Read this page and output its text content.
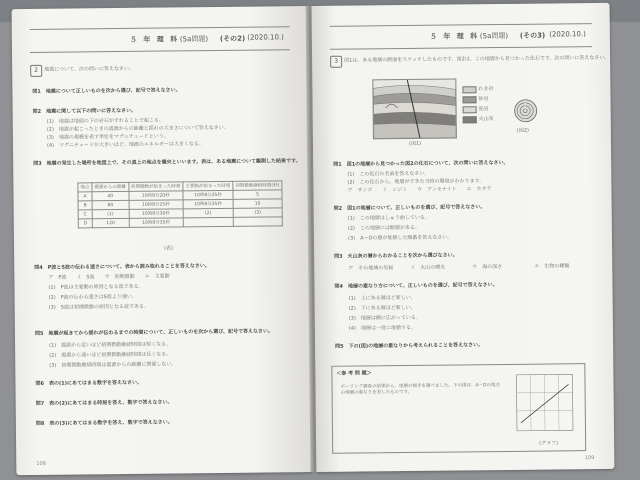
５ 年 理 科 (5a問題) (その2) (2020.10.)
2	地震について、次の問いに答えなさい。
問1　地震について正しいものを次から選び、記号で答えなさい。
問2　地震に関して以下の問いに答えなさい。
(1)　地震は地面の下の岩石がずれることで起こる。
(2)　地震が起こったときの震源からの距離と揺れの大きさについて答えなさい。
(3)　地震の規模を表す単位をマグニチュードという。
(4)　マグニチュードが大きいほど、地震のエネルギーは大きくなる。
問3　地震の発生した場所を地図上で、その真上の地点を震央といいます。表は、ある地震について観測した結果です。
地点	震源からの距離	初期微動が始まった時刻	主要動が始まった時刻	初期微動継続時間(秒)
A	40	10時8分20秒	10時8分25秒	5
B	80	10時8分25秒	10時8分35秒	10
C	(1)	10時8分30秒	(2)	(3)
D	120	10時8分35秒		
(表)
問4　P波とS波の伝わる速さについて、表から読み取れることを答えなさい。
ア　P波　　イ　S波　　ウ　初期微動　　エ　主要動
(1)　P波は主要動の原因となる波である。
(2)　P波の伝わる速さはS波より速い。
(3)　S波は初期微動の原因となる波である。
問5　地震が起きてから揺れが伝わるまでの時間について、正しいものを次から選び、記号で答えなさい。
(1)　震源から近いほど初期微動継続時間は短くなる。
(2)　震源から遠いほど初期微動継続時間は長くなる。
(3)　初期微動継続時間は震源からの距離に関係しない。
問6　表の(1)にあてはまる数字を答えなさい。
問7　表の(2)にあてはまる時刻を答え、数字で答えなさい。
問8　表の(3)にあてはまる数字を答え、数字で答えなさい。
108
５ 年 理 科 (5a問題) (その3) (2020.10.)
3	図1は、ある地層の断面をスケッチしたものです。図2は、この地層から見つかった化石です。次の問いに答えなさい。
(図1)
れき岩
砂岩
泥岩
火山灰
(図2)
問1　図1の地層から見つかった図2の化石について、次の問いに答えなさい。
(1)　この化石の名前を答えなさい。
(2)　この化石から、地層ができた当時の環境がわかります。
ア　サンゴ　　イ　シジミ　　ウ　アンモナイト　　エ　ホタテ
問2　図1の地層について、正しいものを選び、記号で答えなさい。
(1)　この地層はしゅう曲している。
(2)　この地層には断層がある。
(3)　A〜Dの層が堆積した順番を答えなさい。
問3　火山灰の層からわかることを次から選びなさい。
ア　その地域の気候	イ　火山の噴火	ウ　海の深さ	エ　生物の種類
問4　地層の重なり方について、正しいものを選び、記号で答えなさい。
(1)　上にある層ほど新しい。
(2)　下にある層ほど新しい。
(3)　地層は横に広がっている。
(4)　地層は一度に堆積する。
問5　下の(図)の地層の重なりから考えられることを答えなさい。
＜参 考 問 題＞
ボーリング調査の結果から、地層の傾きを調べました。下の図は、A〜Dの地点の地層の重なりを表したものです。
(グラフ)
109
